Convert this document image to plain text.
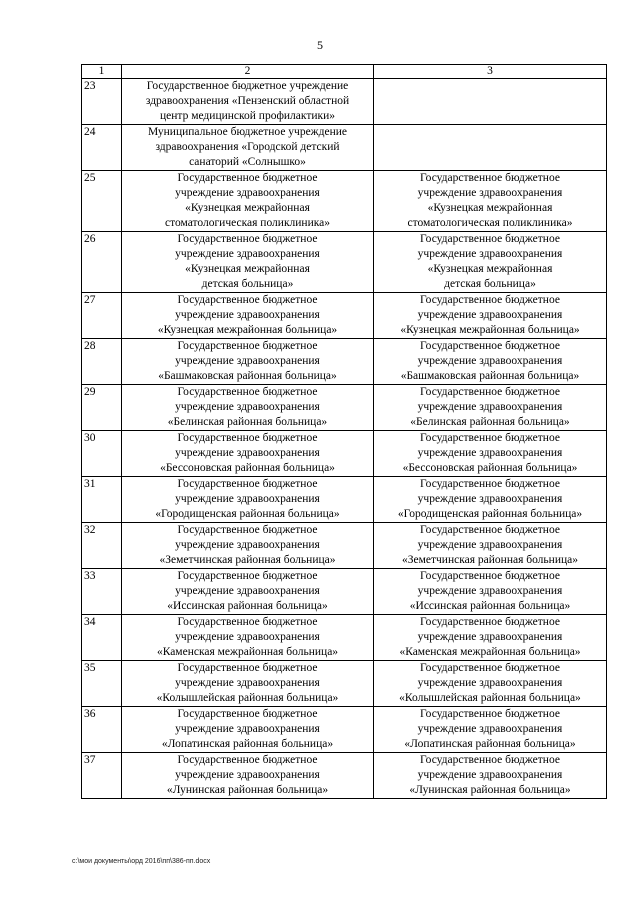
5
1	2	3
23	Государственное бюджетное учреждение
здравоохранения «Пензенский областной
центр медицинской профилактики»	
24	Муниципальное бюджетное учреждение
здравоохранения «Городской детский
санаторий «Солнышко»	
25	Государственное бюджетное
учреждение здравоохранения
«Кузнецкая межрайонная
стоматологическая поликлиника»	Государственное бюджетное
учреждение здравоохранения
«Кузнецкая межрайонная
стоматологическая поликлиника»
26	Государственное бюджетное
учреждение здравоохранения
«Кузнецкая межрайонная
детская больница»	Государственное бюджетное
учреждение здравоохранения
«Кузнецкая межрайонная
детская больница»
27	Государственное бюджетное
учреждение здравоохранения
«Кузнецкая межрайонная больница»	Государственное бюджетное
учреждение здравоохранения
«Кузнецкая межрайонная больница»
28	Государственное бюджетное
учреждение здравоохранения
«Башмаковская районная больница»	Государственное бюджетное
учреждение здравоохранения
«Башмаковская районная больница»
29	Государственное бюджетное
учреждение здравоохранения
«Белинская районная больница»	Государственное бюджетное
учреждение здравоохранения
«Белинская районная больница»
30	Государственное бюджетное
учреждение здравоохранения
«Бессоновская районная больница»	Государственное бюджетное
учреждение здравоохранения
«Бессоновская районная больница»
31	Государственное бюджетное
учреждение здравоохранения
«Городищенская районная больница»	Государственное бюджетное
учреждение здравоохранения
«Городищенская районная больница»
32	Государственное бюджетное
учреждение здравоохранения
«Земетчинская районная больница»	Государственное бюджетное
учреждение здравоохранения
«Земетчинская районная больница»
33	Государственное бюджетное
учреждение здравоохранения
«Иссинская районная больница»	Государственное бюджетное
учреждение здравоохранения
«Иссинская районная больница»
34	Государственное бюджетное
учреждение здравоохранения
«Каменская межрайонная больница»	Государственное бюджетное
учреждение здравоохранения
«Каменская межрайонная больница»
35	Государственное бюджетное
учреждение здравоохранения
«Колышлейская районная больница»	Государственное бюджетное
учреждение здравоохранения
«Колышлейская районная больница»
36	Государственное бюджетное
учреждение здравоохранения
«Лопатинская районная больница»	Государственное бюджетное
учреждение здравоохранения
«Лопатинская районная больница»
37	Государственное бюджетное
учреждение здравоохранения
«Лунинская районная больница»	Государственное бюджетное
учреждение здравоохранения
«Лунинская районная больница»
c:\мои документы\орд 2016\пп\386-пп.docx
